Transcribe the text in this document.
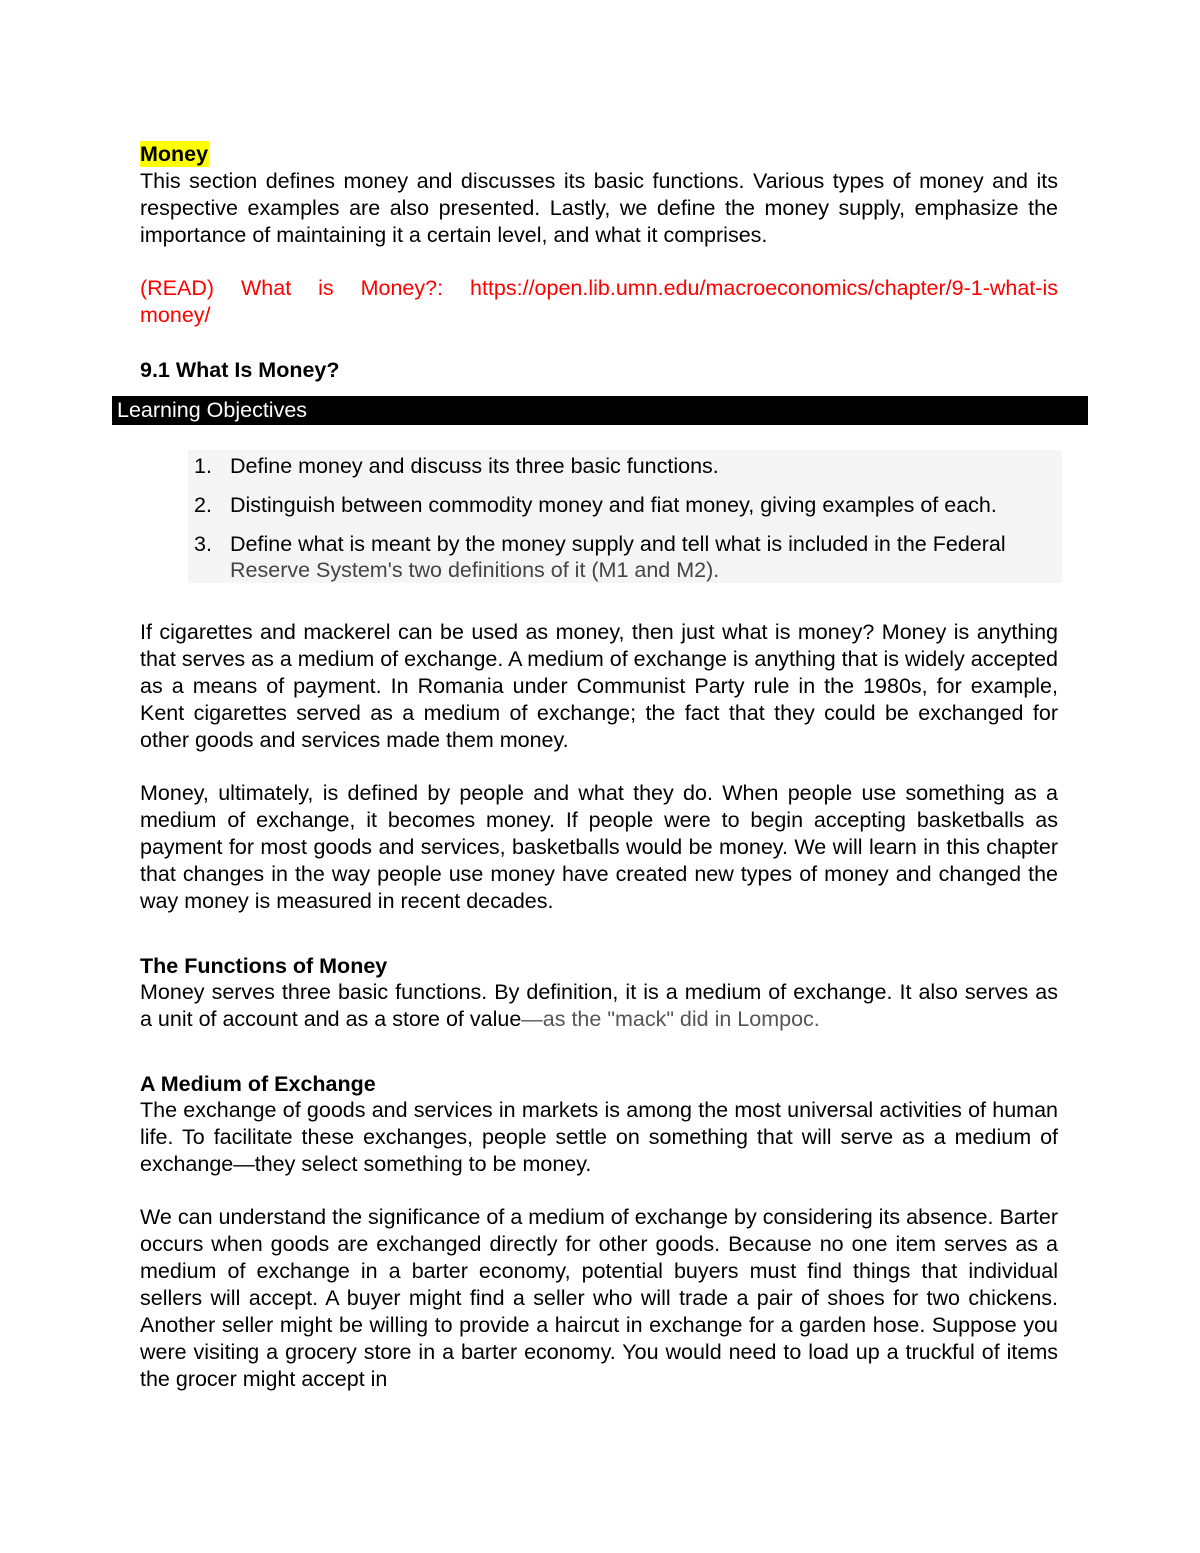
Money

This section defines money and discusses its basic functions. Various types of money and its respective examples are also presented. Lastly, we define the money supply, emphasize the importance of maintaining it a certain level, and what it comprises.

(READ) What is Money?: https://open.lib.umn.edu/macroeconomics/chapter/9-1-what-is money/

9.1 What Is Money?
Learning Objectives
1. Define money and discuss its three basic functions.
2. Distinguish between commodity money and fiat money, giving examples of each.
3. Define what is meant by the money supply and tell what is included in the Federal
Reserve System's two definitions of it (M1 and M2).

If cigarettes and mackerel can be used as money, then just what is money? Money is anything that serves as a medium of exchange. A medium of exchange is anything that is widely accepted as a means of payment. In Romania under Communist Party rule in the 1980s, for example, Kent cigarettes served as a medium of exchange; the fact that they could be exchanged for other goods and services made them money.

Money, ultimately, is defined by people and what they do. When people use something as a medium of exchange, it becomes money. If people were to begin accepting basketballs as payment for most goods and services, basketballs would be money. We will learn in this chapter that changes in the way people use money have created new types of money and changed the way money is measured in recent decades.

The Functions of Money

Money serves three basic functions. By definition, it is a medium of exchange. It also serves as a unit of account and as a store of value—as the "mack" did in Lompoc.

A Medium of Exchange

The exchange of goods and services in markets is among the most universal activities of human life. To facilitate these exchanges, people settle on something that will serve as a medium of exchange—they select something to be money.

We can understand the significance of a medium of exchange by considering its absence. Barter occurs when goods are exchanged directly for other goods. Because no one item serves as a medium of exchange in a barter economy, potential buyers must find things that individual sellers will accept. A buyer might find a seller who will trade a pair of shoes for two chickens. Another seller might be willing to provide a haircut in exchange for a garden hose. Suppose you were visiting a grocery store in a barter economy. You would need to load up a truckful of items the grocer might accept in
